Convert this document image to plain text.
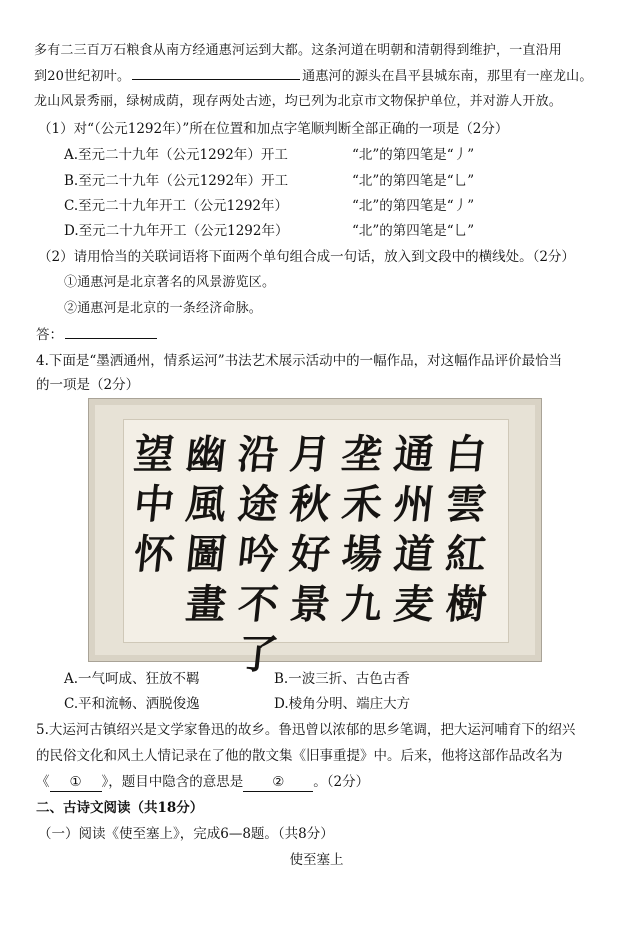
多有二三百万石粮食从南方经通惠河运到大都。这条河道在明朝和清朝得到维护，一直沿用
到20世纪初叶。	通惠河的源头在昌平县城东南，那里有一座龙山。
龙山风景秀丽，绿树成荫，现存两处古迹，均已列为北京市文物保护单位，并对游人开放。
（1）对“（公元1292年）”所在位置和加点字笔顺判断全部正确的一项是（2分）
A.至元二十九年（公元1292年）开工	“北”的第四笔是“丿”
B.至元二十九年（公元1292年）开工	“北”的第四笔是“乚”
C.至元二十九年开工（公元1292年）	“北”的第四笔是“丿”
D.至元二十九年开工（公元1292年）	“北”的第四笔是“乚”
（2）请用恰当的关联词语将下面两个单句组合成一句话，放入到文段中的横线处。（2分）
①通惠河是北京著名的风景游览区。
②通惠河是北京的一条经济命脉。
答：
4.下面是“墨洒通州，情系运河”书法艺术展示活动中的一幅作品，对这幅作品评价最恰当
的一项是（2分）
白
雲
紅
樹
通
州
道
麦
垄
禾
場
九
月
秋
好
景
沿
途
吟
不
了
幽
風
圖
畫
望
中
怀
A.一气呵成、狂放不羁	B.一波三折、古色古香
C.平和流畅、洒脱俊逸	D.棱角分明、端庄大方
5.大运河古镇绍兴是文学家鲁迅的故乡。鲁迅曾以浓郁的思乡笔调，把大运河哺育下的绍兴
的民俗文化和风土人情记录在了他的散文集《旧事重提》中。后来，他将这部作品改名为
《 ① 》，题目中隐含的意思是 ② 。（2分）
二、古诗文阅读（共18分）
（一）阅读《使至塞上》，完成6—8题。（共8分）
使至塞上
